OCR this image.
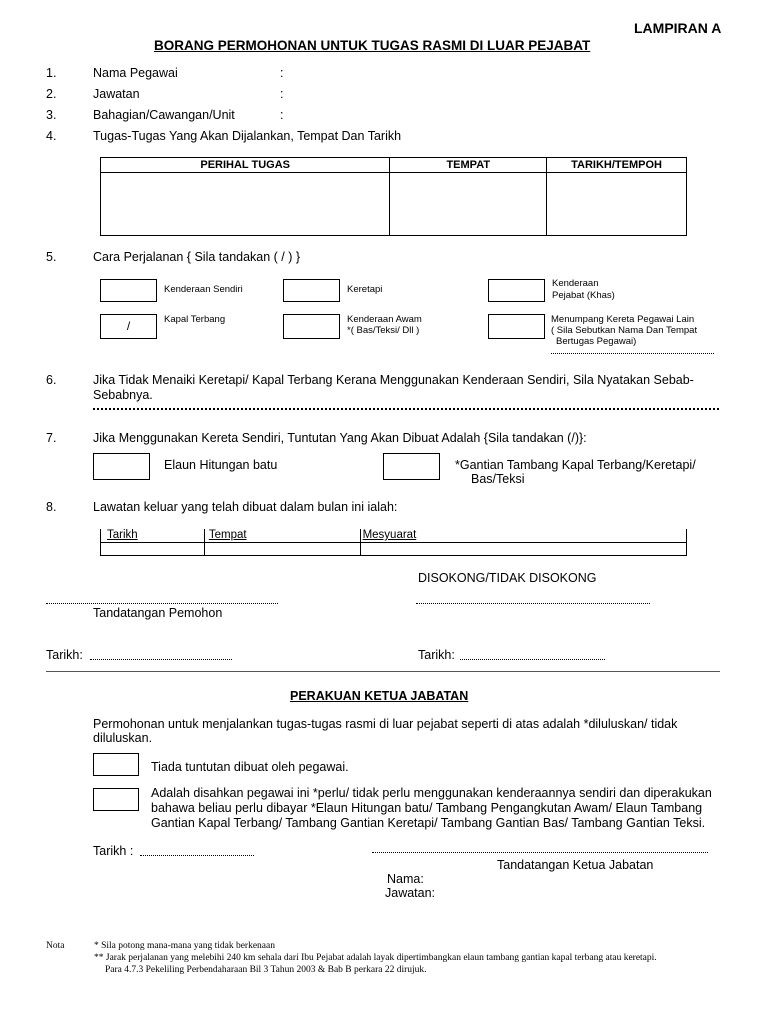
LAMPIRAN A
BORANG PERMOHONAN UNTUK TUGAS RASMI DI LUAR PEJABAT
1.	Nama Pegawai	:
2.	Jawatan	:
3.	Bahagian/Cawangan/Unit	:
4.	Tugas-Tugas Yang Akan Dijalankan, Tempat Dan Tarikh
PERIHAL TUGAS	TEMPAT	TARIKH/TEMPOH

5.	Cara Perjalanan { Sila tandakan ( / ) }
Kenderaan Sendiri	Keretapi
Kenderaan
Pejabat (Khas)
/	Kapal Terbang	Kenderaan Awam
*( Bas/Teksi/ Dll )
Menumpang Kereta Pegawai Lain
( Sila Sebutkan Nama Dan Tempat
Bertugas Pegawai)
6.	Jika Tidak Menaiki Keretapi/ Kapal Terbang Kerana Menggunakan Kenderaan Sendiri, Sila Nyatakan Sebab-
Sebabnya.
7.	Jika Menggunakan Kereta Sendiri, Tuntutan Yang Akan Dibuat Adalah {Sila tandakan (/)}:
Elaun Hitungan batu	*Gantian Tambang Kapal Terbang/Keretapi/
Bas/Teksi
8.	Lawatan keluar yang telah dibuat dalam bulan ini ialah:
Tarikh	Tempat	Mesyuarat

DISOKONG/TIDAK DISOKONG
Tandatangan Pemohon
Tarikh:	Tarikh:
PERAKUAN KETUA JABATAN
Permohonan untuk menjalankan tugas-tugas rasmi di luar pejabat seperti di atas adalah *diluluskan/ tidak
diluluskan.
Tiada tuntutan dibuat oleh pegawai.
Adalah disahkan pegawai ini *perlu/ tidak perlu menggunakan kenderaannya sendiri dan diperakukan
bahawa beliau perlu dibayar *Elaun Hitungan batu/ Tambang Pengangkutan Awam/ Elaun Tambang
Gantian Kapal Terbang/ Tambang Gantian Keretapi/ Tambang Gantian Bas/ Tambang Gantian Teksi.
Tarikh :
Tandatangan Ketua Jabatan
Nama:
Jawatan:
Nota	* Sila potong mana-mana yang tidak berkenaan
** Jarak perjalanan yang melebihi 240 km sehala dari Ibu Pejabat adalah layak dipertimbangkan elaun tambang gantian kapal terbang atau keretapi.
Para 4.7.3 Pekeliling Perbendaharaan Bil 3 Tahun 2003 & Bab B perkara 22 dirujuk.
